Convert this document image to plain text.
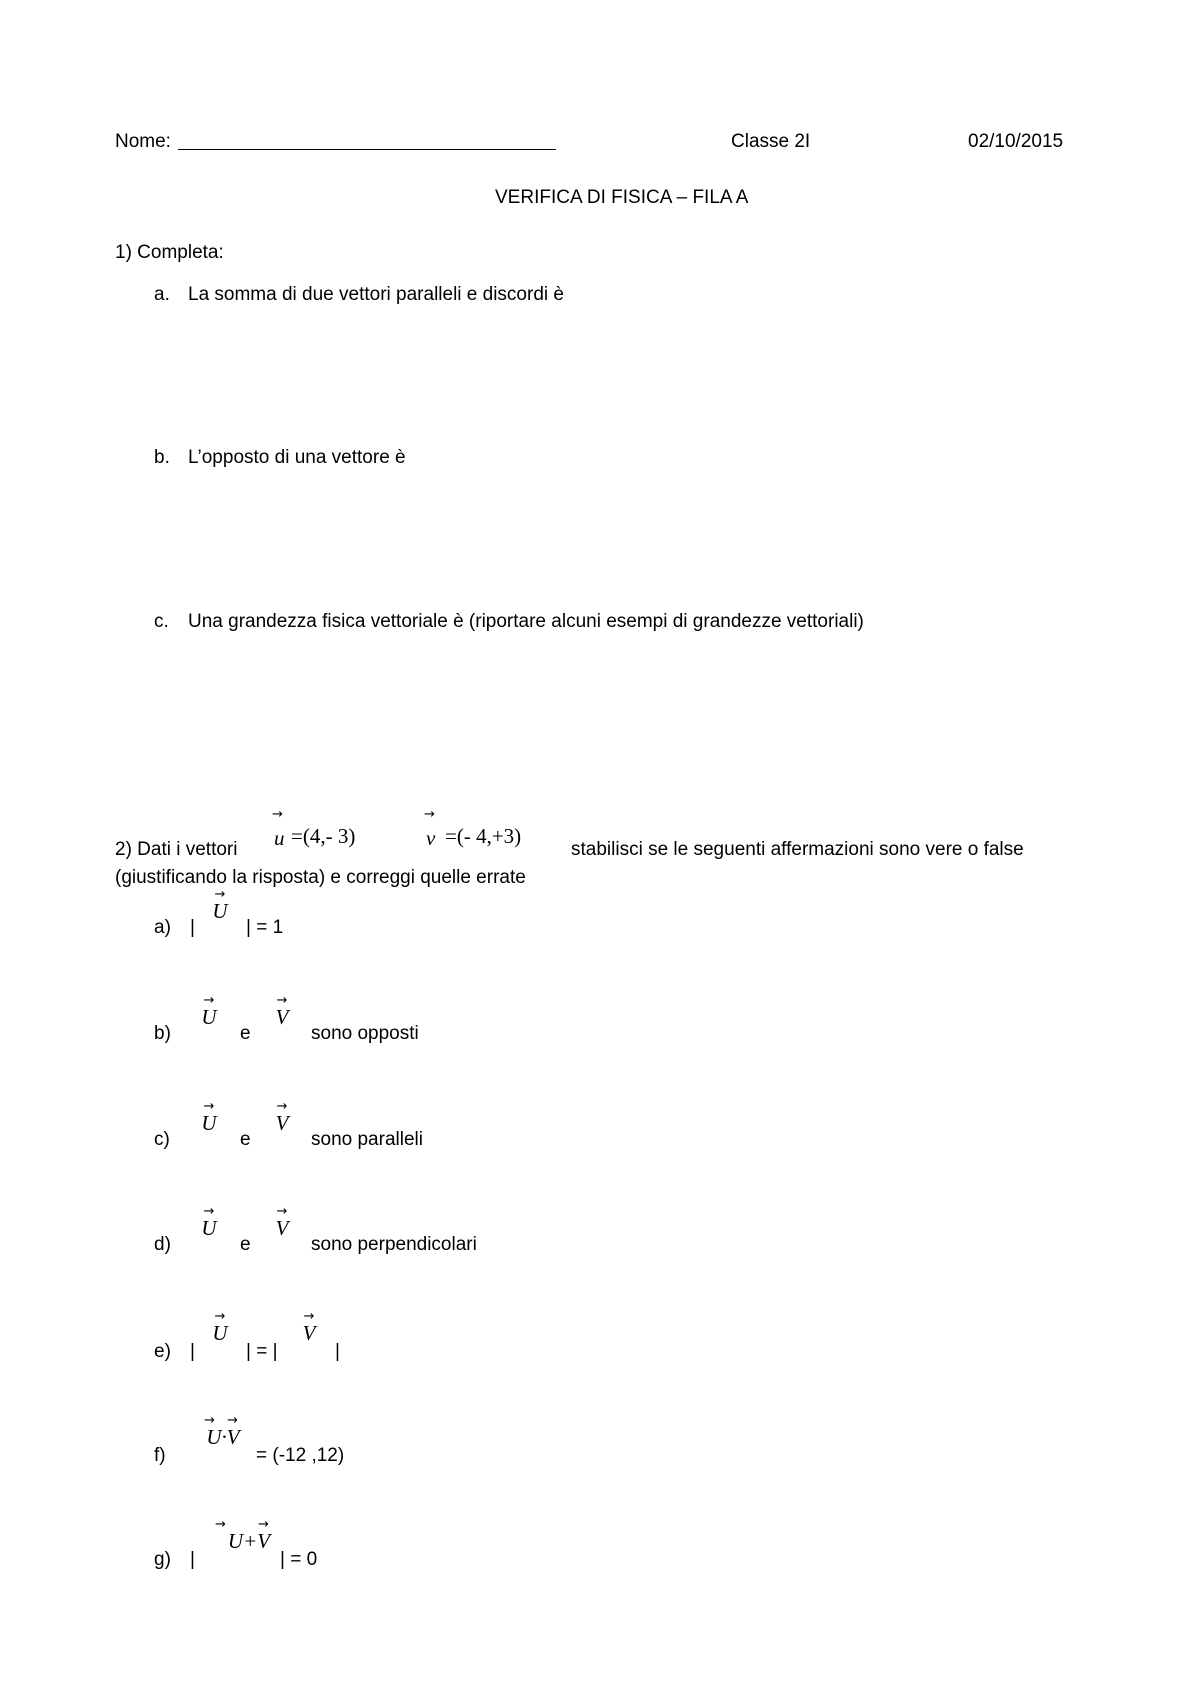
Nome:	Classe 2I	02/10/2015
VERIFICA DI FISICA – FILA A
1) Completa:
a. La somma di due vettori paralleli e discordi è
b. L’opposto di una vettore è
c. Una grandezza fisica vettoriale è (riportare alcuni esempi di grandezze vettoriali)
2) Dati i vettori
→
u =(4,- 3)
→
v =(- 4,+3)
stabilisci se le seguenti affermazioni sono vere o false
(giustificando la risposta) e correggi quelle errate
a) |
→
U
| = 1
b)
→
U
e
→
V
sono opposti
c)
→
U
e
→
V
sono paralleli
d)
→
U
e
→
V
sono perpendicolari
e) |
→
U
| = |
→
V
|
f)
→ →
U·V
= (-12 ,12)
g) |
→ →
U+V
| = 0
